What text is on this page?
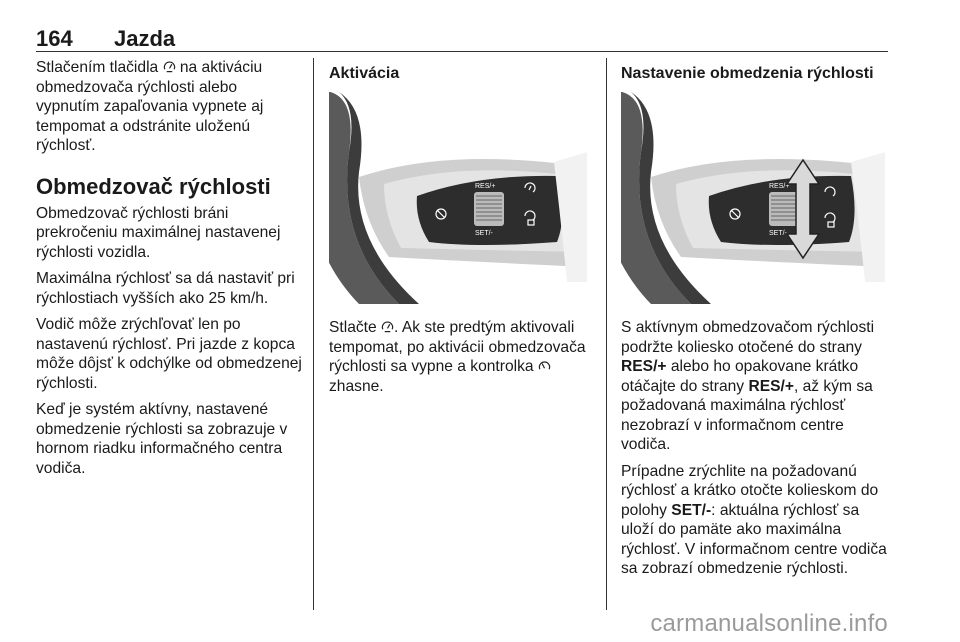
164 Jazda

Stlačením tlačidla  na aktiváciu obmedzovača rýchlosti alebo vypnutím zapaľovania vypnete aj tempomat a odstránite uloženú rýchlosť.

Obmedzovač rýchlosti

Obmedzovač rýchlosti bráni prekročeniu maximálnej nastavenej rýchlosti vozidla.

Maximálna rýchlosť sa dá nastaviť pri rýchlostiach vyšších ako 25 km/h.

Vodič môže zrýchľovať len po nastavenú rýchlosť. Pri jazde z kopca môže dôjsť k odchýlke od obmedzenej rýchlosti.

Keď je systém aktívny, nastavené obmedzenie rýchlosti sa zobrazuje v hornom riadku informačného centra vodiča.

Aktivácia
RES/+
SET/-

Stlačte . Ak ste predtým aktivovali tempomat, po aktivácii obmedzovača rýchlosti sa vypne a kontrolka  zhasne.

Nastavenie obmedzenia rýchlosti
RES/+
SET/-

S aktívnym obmedzovačom rýchlosti podržte koliesko otočené do strany RES/+ alebo ho opakovane krátko otáčajte do strany RES/+, až kým sa požadovaná maximálna rýchlosť nezobrazí v informačnom centre vodiča.

Prípadne zrýchlite na požadovanú rýchlosť a krátko otočte kolieskom do polohy SET/-: aktuálna rýchlosť sa uloží do pamäte ako maximálna rýchlosť. V informačnom centre vodiča sa zobrazí obmedzenie rýchlosti.

carmanualsonline.info
